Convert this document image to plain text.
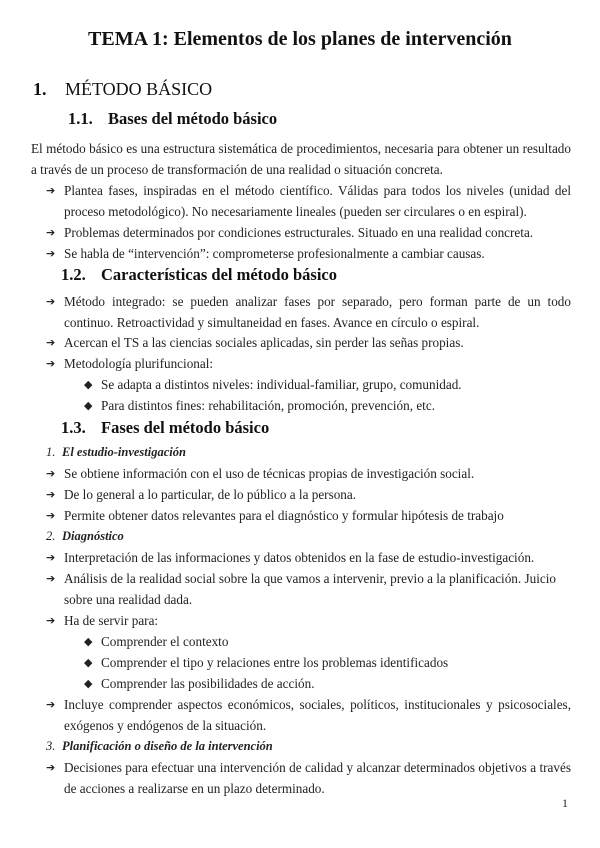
TEMA 1: Elementos de los planes de intervención
1. MÉTODO BÁSICO
1.1. Bases del método básico
El método básico es una estructura sistemática de procedimientos, necesaria para obtener un resultado a través de un proceso de transformación de una realidad o situación concreta.
➔ Plantea fases, inspiradas en el método científico. Válidas para todos los niveles (unidad del proceso metodológico). No necesariamente lineales (pueden ser circulares o en espiral).
➔ Problemas determinados por condiciones estructurales. Situado en una realidad concreta.
➔ Se habla de “intervención”: comprometerse profesionalmente a cambiar causas.
1.2. Características del método básico
➔ Método integrado: se pueden analizar fases por separado, pero forman parte de un todo continuo. Retroactividad y simultaneidad en fases. Avance en círculo o espiral.
➔ Acercan el TS a las ciencias sociales aplicadas, sin perder las señas propias.
➔ Metodología plurifuncional:
◆ Se adapta a distintos niveles: individual-familiar, grupo, comunidad.
◆ Para distintos fines: rehabilitación, promoción, prevención, etc.
1.3. Fases del método básico
1. El estudio-investigación
➔ Se obtiene información con el uso de técnicas propias de investigación social.
➔ De lo general a lo particular, de lo público a la persona.
➔ Permite obtener datos relevantes para el diagnóstico y formular hipótesis de trabajo
2. Diagnóstico
➔ Interpretación de las informaciones y datos obtenidos en la fase de estudio-investigación.
➔ Análisis de la realidad social sobre la que vamos a intervenir, previo a la planificación. Juicio sobre una realidad dada.
➔ Ha de servir para:
◆ Comprender el contexto
◆ Comprender el tipo y relaciones entre los problemas identificados
◆ Comprender las posibilidades de acción.
➔ Incluye comprender aspectos económicos, sociales, políticos, institucionales y psicosociales, exógenos y endógenos de la situación.
3. Planificación o diseño de la intervención
➔ Decisiones para efectuar una intervención de calidad y alcanzar determinados objetivos a través de acciones a realizarse en un plazo determinado.
1
